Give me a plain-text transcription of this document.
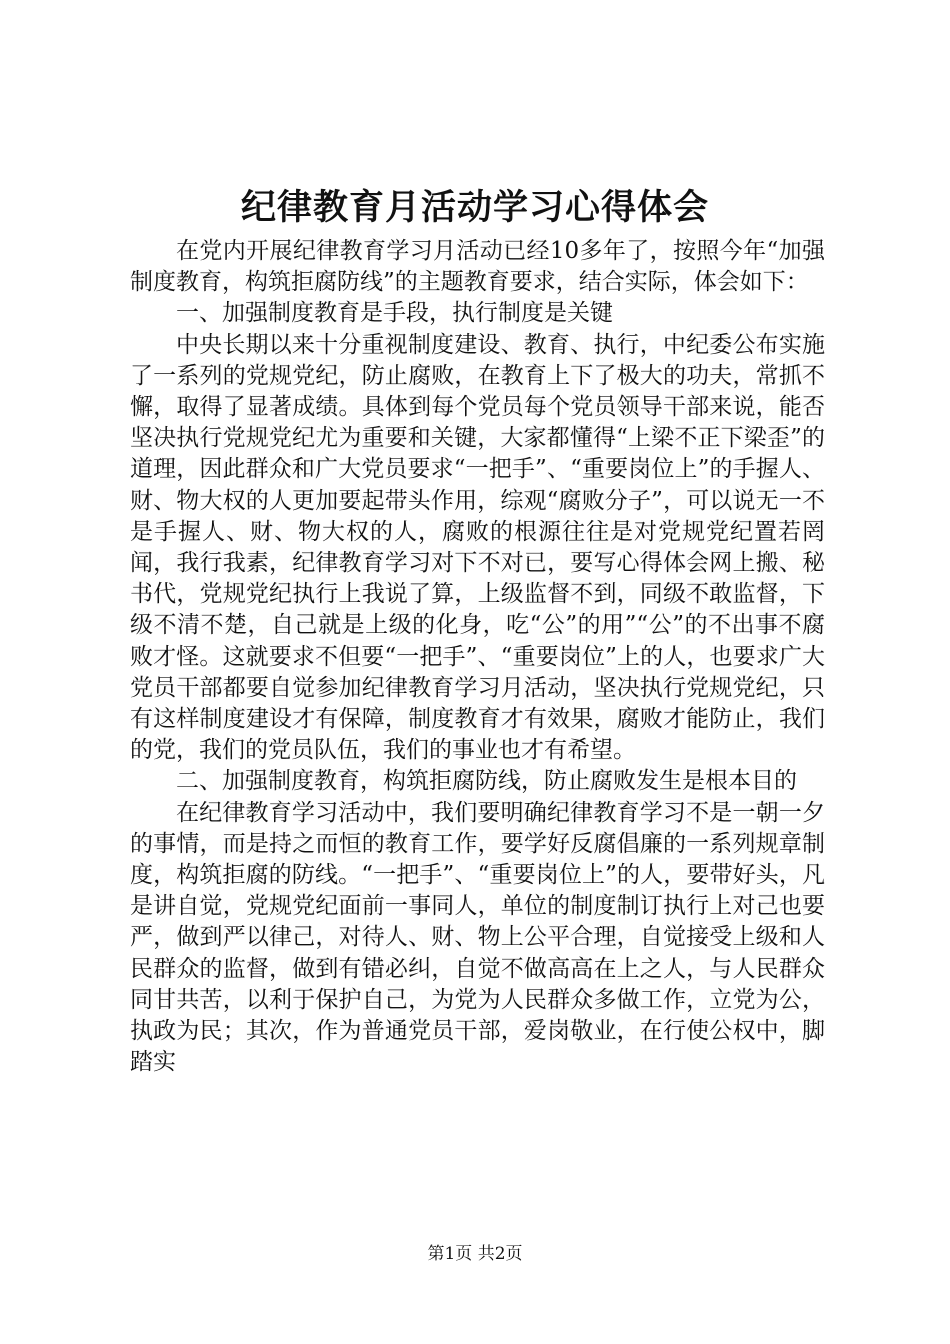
纪律教育月活动学习心得体会

在党内开展纪律教育学习月活动已经10多年了，按照今年“加强制度教育，构筑拒腐防线”的主题教育要求，结合实际，体会如下：

一、加强制度教育是手段，执行制度是关键

中央长期以来十分重视制度建设、教育、执行，中纪委公布实施了一系列的党规党纪，防止腐败，在教育上下了极大的功夫，常抓不懈，取得了显著成绩。具体到每个党员每个党员领导干部来说，能否坚决执行党规党纪尤为重要和关键，大家都懂得“上梁不正下梁歪”的道理，因此群众和广大党员要求“一把手”、“重要岗位上”的手握人、财、物大权的人更加要起带头作用，综观“腐败分子”，可以说无一不是手握人、财、物大权的人，腐败的根源往往是对党规党纪置若罔闻，我行我素，纪律教育学习对下不对已，要写心得体会网上搬、秘书代，党规党纪执行上我说了算，上级监督不到，同级不敢监督，下级不清不楚，自己就是上级的化身，吃“公”的用”“公”的不出事不腐败才怪。这就要求不但要“一把手”、“重要岗位”上的人，也要求广大党员干部都要自觉参加纪律教育学习月活动，坚决执行党规党纪，只有这样制度建设才有保障，制度教育才有效果，腐败才能防止，我们的党，我们的党员队伍，我们的事业也才有希望。

二、加强制度教育，构筑拒腐防线，防止腐败发生是根本目的

在纪律教育学习活动中，我们要明确纪律教育学习不是一朝一夕的事情，而是持之而恒的教育工作，要学好反腐倡廉的一系列规章制度，构筑拒腐的防线。“一把手”、“重要岗位上”的人，要带好头，凡是讲自觉，党规党纪面前一事同人，单位的制度制订执行上对己也要严，做到严以律己，对待人、财、物上公平合理，自觉接受上级和人民群众的监督，做到有错必纠，自觉不做高高在上之人，与人民群众同甘共苦，以利于保护自己，为党为人民群众多做工作，立党为公，执政为民；其次，作为普通党员干部，爱岗敬业，在行使公权中，脚踏实

第1页 共2页
